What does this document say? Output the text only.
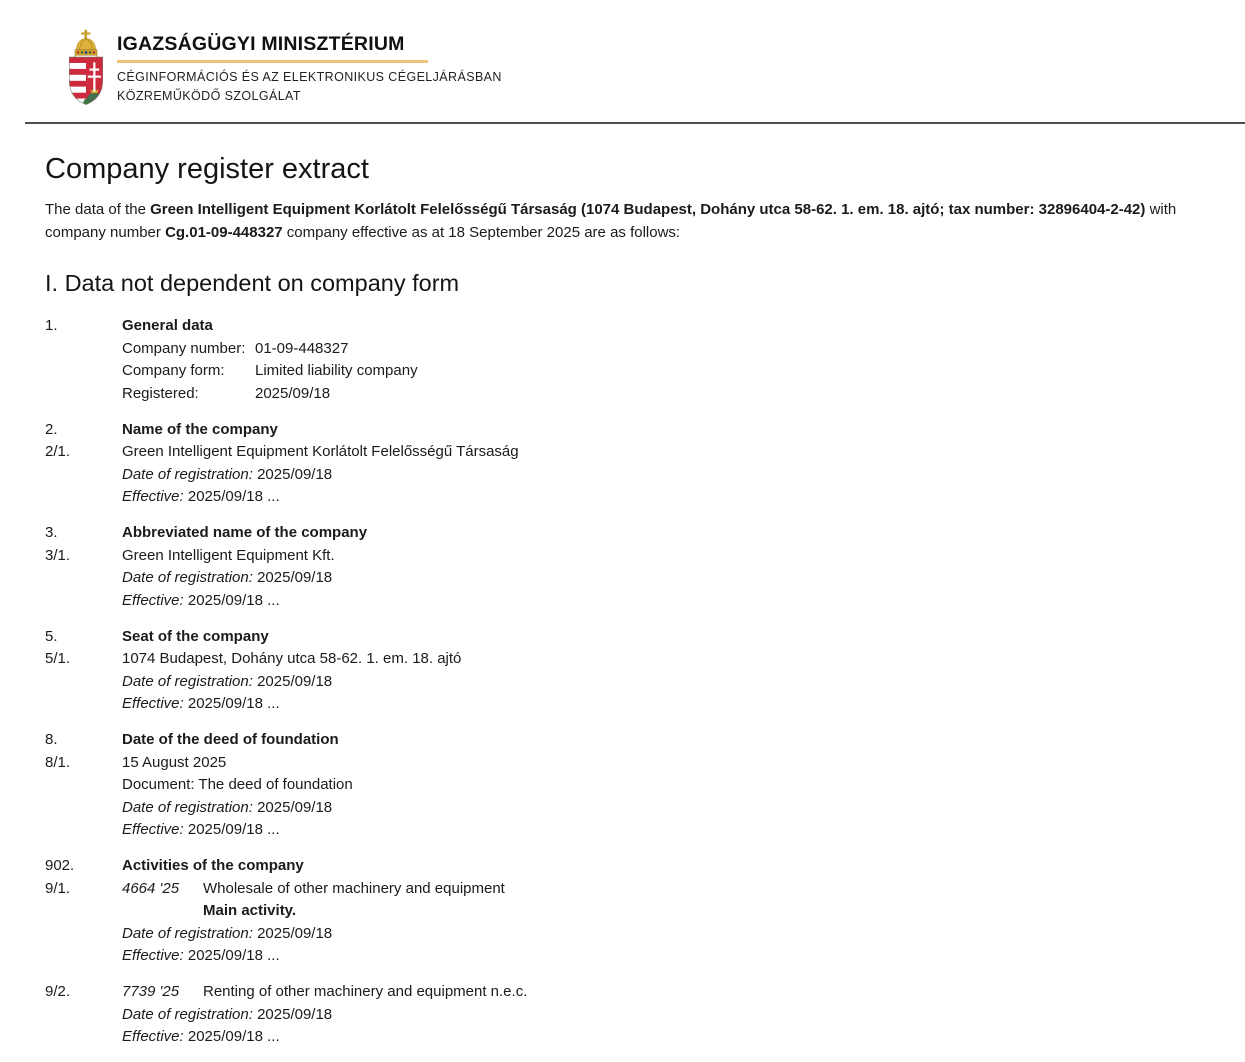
IGAZSÁGÜGYI MINISZTÉRIUM
CÉGINFORMÁCIÓS ÉS AZ ELEKTRONIKUS CÉGELJÁRÁSBAN
KÖZREMŰKÖDŐ SZOLGÁLAT
Company register extract

The data of the Green Intelligent Equipment Korlátolt Felelősségű Társaság (1074 Budapest, Dohány utca 58-62. 1. em. 18. ajtó; tax number: 32896404-2-42) with company number Cg.01-09-448327 company effective as at 18 September 2025 are as follows:

I. Data not dependent on company form
1.	General data
Company number: 01-09-448327
Company form: Limited liability company
Registered:	2025/09/18
2.	Name of the company
2/1.	Green Intelligent Equipment Korlátolt Felelősségű Társaság
Date of registration: 2025/09/18
Effective: 2025/09/18 ...
3.	Abbreviated name of the company
3/1.	Green Intelligent Equipment Kft.
Date of registration: 2025/09/18
Effective: 2025/09/18 ...
5.	Seat of the company
5/1.	1074 Budapest, Dohány utca 58-62. 1. em. 18. ajtó
Date of registration: 2025/09/18
Effective: 2025/09/18 ...
8.	Date of the deed of foundation
8/1.	15 August 2025
Document: The deed of foundation
Date of registration: 2025/09/18
Effective: 2025/09/18 ...
902.	Activities of the company
9/1.	4664 '25 Wholesale of other machinery and equipment
Main activity.
Date of registration: 2025/09/18
Effective: 2025/09/18 ...
9/2.	7739 '25 Renting of other machinery and equipment n.e.c.
Date of registration: 2025/09/18
Effective: 2025/09/18 ...
